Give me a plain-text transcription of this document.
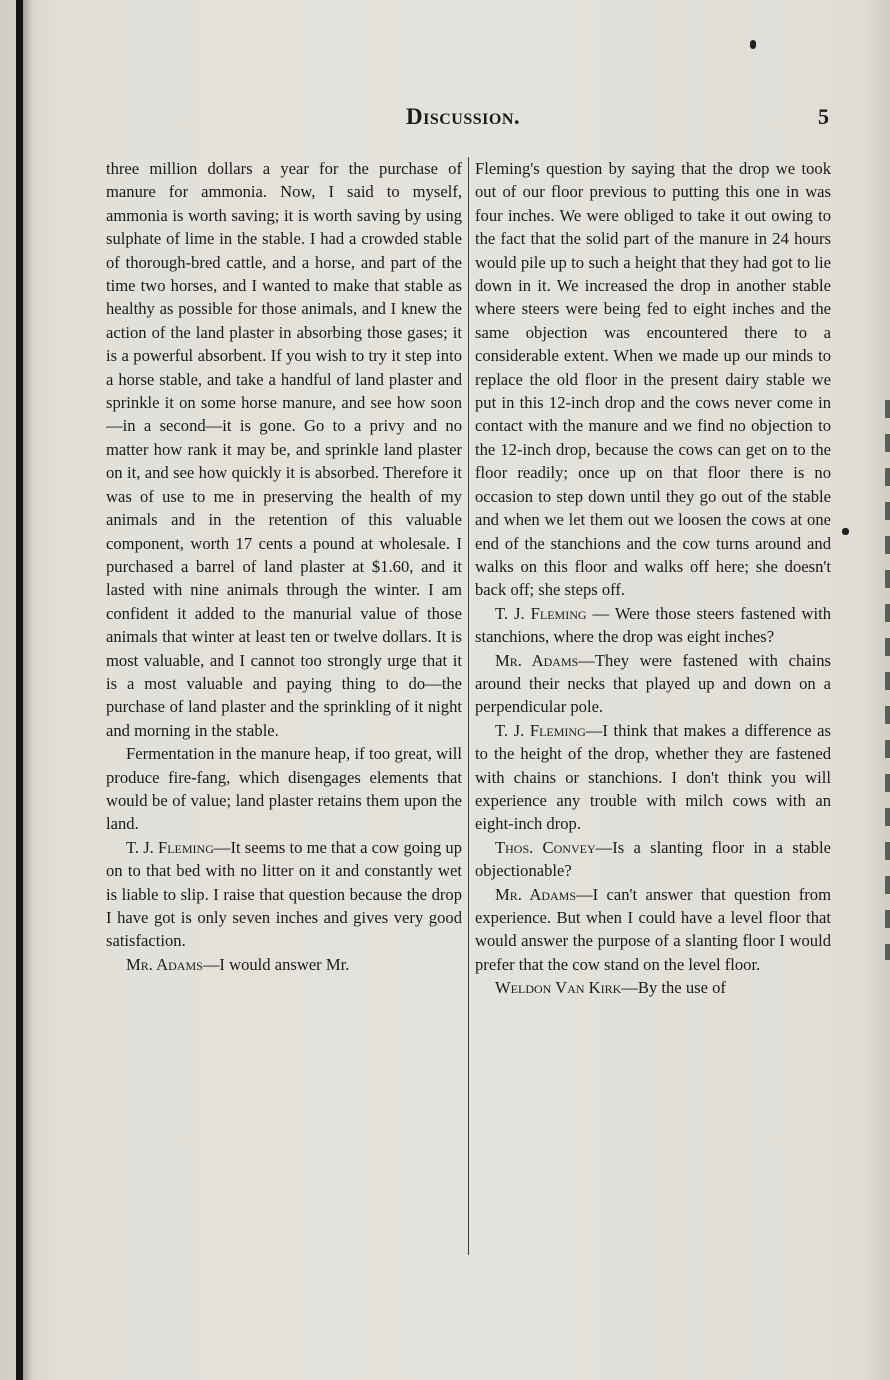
Discussion.	5

three million dollars a year for the purchase of manure for ammonia. Now, I said to myself, ammonia is worth saving; it is worth saving by using sulphate of lime in the stable. I had a crowded stable of thorough-bred cattle, and a horse, and part of the time two horses, and I wanted to make that stable as healthy as possible for those animals, and I knew the action of the land plaster in absorbing those gases; it is a powerful absorbent. If you wish to try it step into a horse stable, and take a handful of land plaster and sprinkle it on some horse manure, and see how soon—in a second—it is gone. Go to a privy and no matter how rank it may be, and sprinkle land plaster on it, and see how quickly it is absorbed. Therefore it was of use to me in preserving the health of my animals and in the retention of this valuable component, worth 17 cents a pound at wholesale. I purchased a barrel of land plaster at $1.60, and it lasted with nine animals through the winter. I am confident it added to the manurial value of those animals that winter at least ten or twelve dollars. It is most valuable, and I cannot too strongly urge that it is a most valuable and paying thing to do—the purchase of land plaster and the sprinkling of it night and morning in the stable.

Fermentation in the manure heap, if too great, will produce fire-fang, which disengages elements that would be of value; land plaster retains them upon the land.

T. J. Fleming—It seems to me that a cow going up on to that bed with no litter on it and constantly wet is liable to slip. I raise that question because the drop I have got is only seven inches and gives very good satisfaction.

Mr. Adams—I would answer Mr.

Fleming's question by saying that the drop we took out of our floor previous to putting this one in was four inches. We were obliged to take it out owing to the fact that the solid part of the manure in 24 hours would pile up to such a height that they had got to lie down in it. We increased the drop in another stable where steers were being fed to eight inches and the same objection was encountered there to a considerable extent. When we made up our minds to replace the old floor in the present dairy stable we put in this 12-inch drop and the cows never come in contact with the manure and we find no objection to the 12-inch drop, because the cows can get on to the floor readily; once up on that floor there is no occasion to step down until they go out of the stable and when we let them out we loosen the cows at one end of the stanchions and the cow turns around and walks on this floor and walks off here; she doesn't back off; she steps off.

T. J. Fleming — Were those steers fastened with stanchions, where the drop was eight inches?

Mr. Adams—They were fastened with chains around their necks that played up and down on a perpendicular pole.

T. J. Fleming—I think that makes a difference as to the height of the drop, whether they are fastened with chains or stanchions. I don't think you will experience any trouble with milch cows with an eight-inch drop.

Thos. Convey—Is a slanting floor in a stable objectionable?

Mr. Adams—I can't answer that question from experience. But when I could have a level floor that would answer the purpose of a slanting floor I would prefer that the cow stand on the level floor.

Weldon Van Kirk—By the use of
